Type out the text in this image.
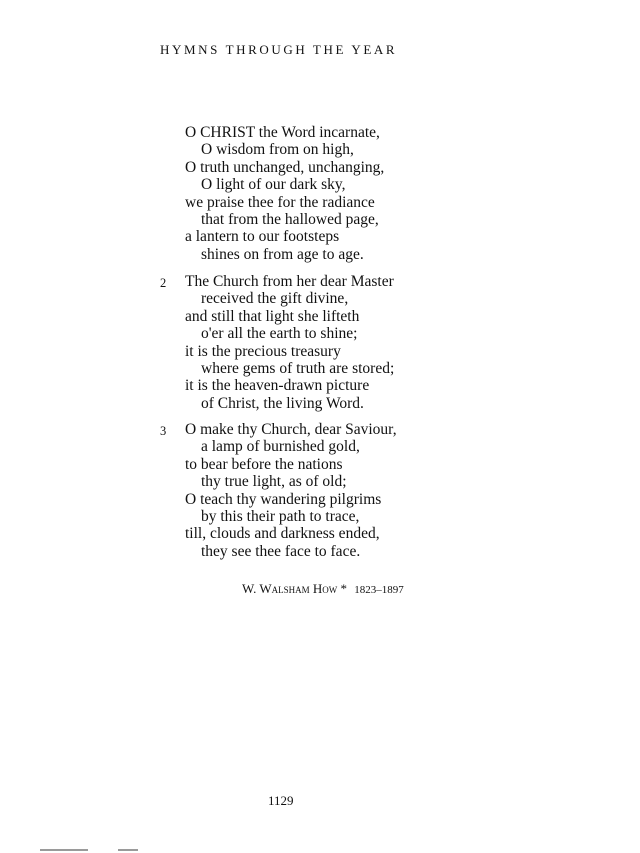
HYMNS THROUGH THE YEAR
O CHRIST the Word incarnate,
O wisdom from on high,
O truth unchanged, unchanging,
O light of our dark sky,
we praise thee for the radiance
that from the hallowed page,
a lantern to our footsteps
shines on from age to age.
2 The Church from her dear Master
received the gift divine,
and still that light she lifteth
o'er all the earth to shine;
it is the precious treasury
where gems of truth are stored;
it is the heaven-drawn picture
of Christ, the living Word.
3 O make thy Church, dear Saviour,
a lamp of burnished gold,
to bear before the nations
thy true light, as of old;
O teach thy wandering pilgrims
by this their path to trace,
till, clouds and darkness ended,
they see thee face to face.
W. Walsham How * 1823–1897
1129
